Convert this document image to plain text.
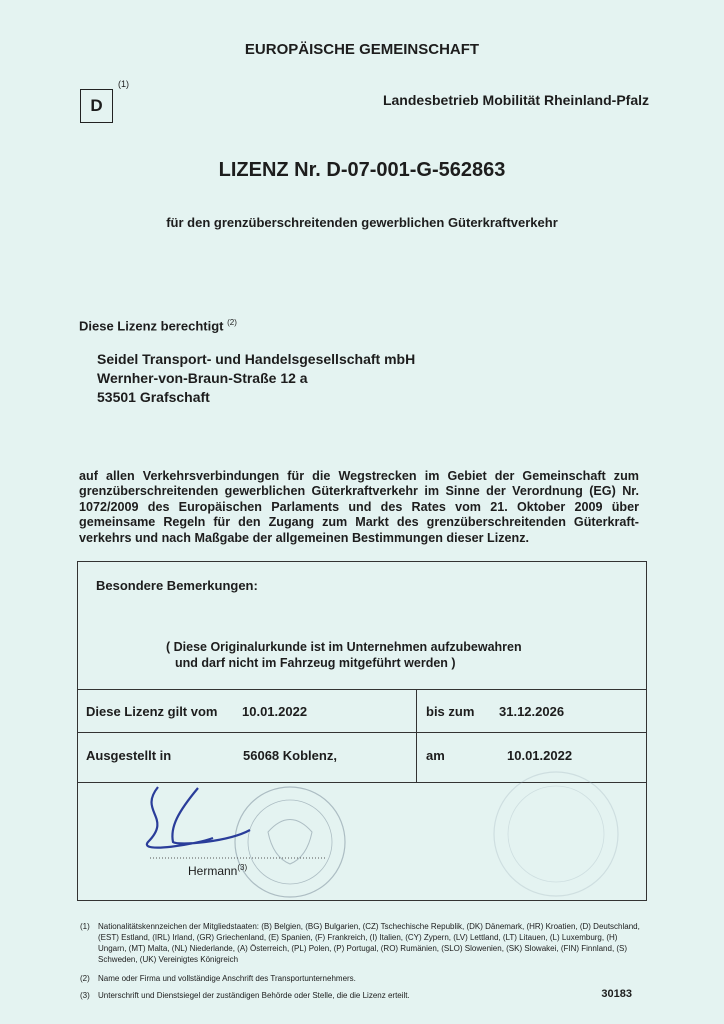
EUROPÄISCHE GEMEINSCHAFT
D
(1)
Landesbetrieb Mobilität Rheinland-Pfalz
LIZENZ Nr. D-07-001-G-562863
für den grenzüberschreitenden gewerblichen Güterkraftverkehr
Diese Lizenz berechtigt $^{(2)}$
Seidel Transport- und Handelsgesellschaft mbH
Wernher-von-Braun-Straße 12 a
53501 Grafschaft
auf allen Verkehrsverbindungen für die Wegstrecken im Gebiet der Gemeinschaft zum grenzüberschreitenden gewerblichen Güterkraftverkehr im Sinne der Verordnung (EG) Nr. 1072/2009 des Europäischen Parlaments und des Rates vom 21. Oktober 2009 über gemeinsame Regeln für den Zugang zum Markt des grenzüberschreitenden Güterkraft-verkehrs und nach Maßgabe der allgemeinen Bestimmungen dieser Lizenz.
Besondere Bemerkungen:
( Diese Originalurkunde ist im Unternehmen aufzubewahren
und darf nicht im Fahrzeug mitgeführt werden )
Diese Lizenz gilt vom 10.01.2022	bis zum 31.12.2026
Ausgestellt in	56068 Koblenz,	am	10.01.2022
Hermann$^{(3)}$
(1) Nationalitätskennzeichen der Mitgliedstaaten: (B) Belgien, (BG) Bulgarien, (CZ) Tschechische Republik, (DK) Dänemark, (HR) Kroatien, (D) Deutschland, (EST) Estland, (IRL) Irland, (GR) Griechenland, (E) Spanien, (F) Frankreich, (I) Italien, (CY) Zypern, (LV) Lettland, (LT) Litauen, (L) Luxemburg, (H) Ungarn, (MT) Malta, (NL) Niederlande, (A) Österreich, (PL) Polen, (P) Portugal, (RO) Rumänien, (SLO) Slowenien, (SK) Slowakei, (FIN) Finnland, (S) Schweden, (UK) Vereinigtes Königreich
(2) Name oder Firma und vollständige Anschrift des Transportunternehmers.
(3) Unterschrift und Dienstsiegel der zuständigen Behörde oder Stelle, die die Lizenz erteilt.	30183
